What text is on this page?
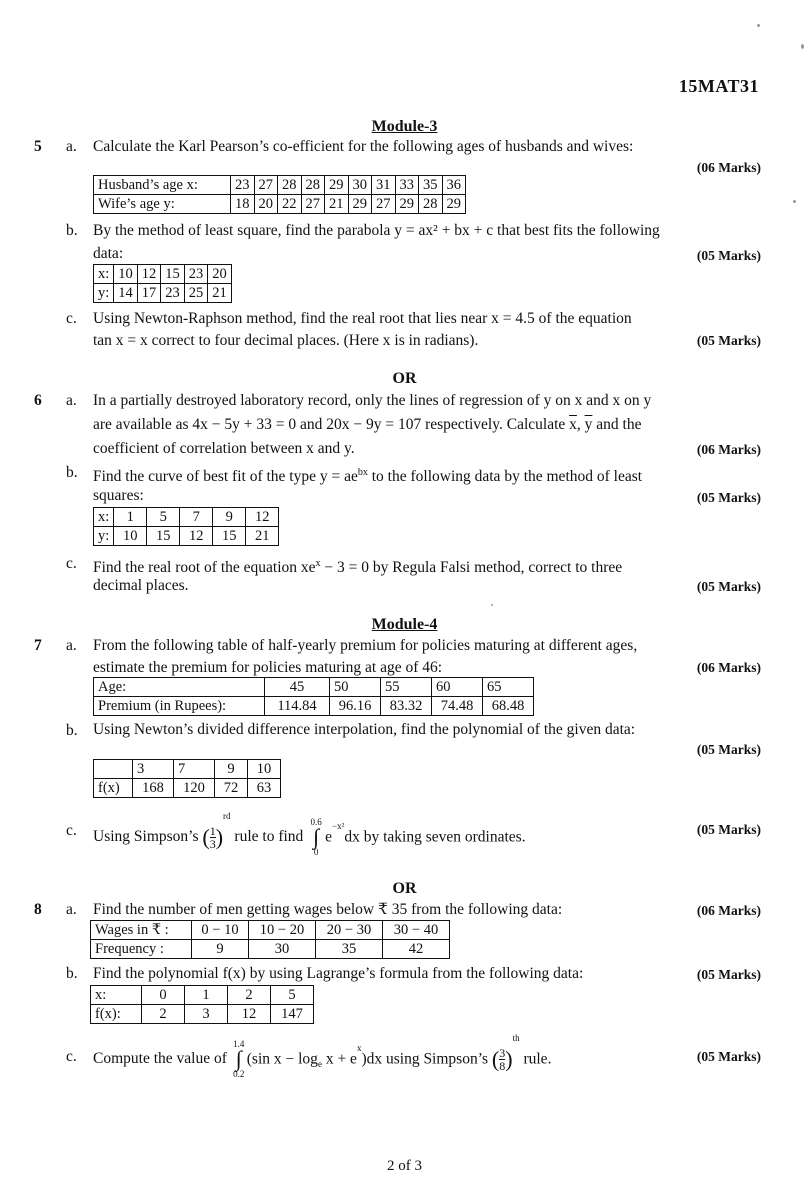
15MAT31
Module-3
5 a. Calculate the Karl Pearson’s co-efficient for the following ages of husbands and wives:
(06 Marks)
Husband’s age x:	23	27	28	28	29	30	31	33	35	36
Wife’s age y:	18	20	22	27	21	29	27	29	28	29
b. By the method of least square, find the parabola y = ax² + bx + c that best fits the following
data:	(05 Marks)
x:	10	12	15	23	20
y:	14	17	23	25	21
c. Using Newton-Raphson method, find the real root that lies near x = 4.5 of the equation
tan x = x correct to four decimal places. (Here x is in radians).	(05 Marks)
OR
6 a. In a partially destroyed laboratory record, only the lines of regression of y on x and x on y
are available as 4x − 5y + 33 = 0 and 20x − 9y = 107 respectively. Calculate $\overline{x}$, $\overline{y}$ and the
coefficient of correlation between x and y.	(06 Marks)
b. Find the curve of best fit of the type $y = ae^{bx}$ to the following data by the method of least
squares:	(05 Marks)
x:	1	5	7	9	12
y:	10	15	12	15	21
c. Find the real root of the equation $xe^x - 3 = 0$ by Regula Falsi method, correct to three
decimal places.	(05 Marks)
Module-4
7 a. From the following table of half-yearly premium for policies maturing at different ages,
estimate the premium for policies maturing at age of 46:	(06 Marks)
Age:	45	50	55	60	65
Premium (in Rupees):	114.84	96.16	83.32	74.48	68.48
b. Using Newton’s divided difference interpolation, find the polynomial of the given data:
(05 Marks)
	3	7	9	10
f(x)	168	120	72	63
c. Using Simpson’s ( $\frac{1}{3} )^{rd}$ rule to find
0.6
∫
0
$e^{-x^2}dx$ by taking seven ordinates.	(05 Marks)
OR
8 a. Find the number of men getting wages below ₹ 35 from the following data:	(06 Marks)
Wages in ₹ :	0 − 10	10 − 20	20 − 30	30 − 40
Frequency :	9	30	35	42
b. Find the polynomial f(x) by using Lagrange’s formula from the following data:	(05 Marks)
x:	0	1	2	5
f(x):	2	3	12	147
c. Compute the value of
1.4
∫
0.2
(sin $x - \log_e x + e^x)dx$ using Simpson’s ( $\frac{3}{8} )^{th}$ rule.	(05 Marks)
2 of 3
